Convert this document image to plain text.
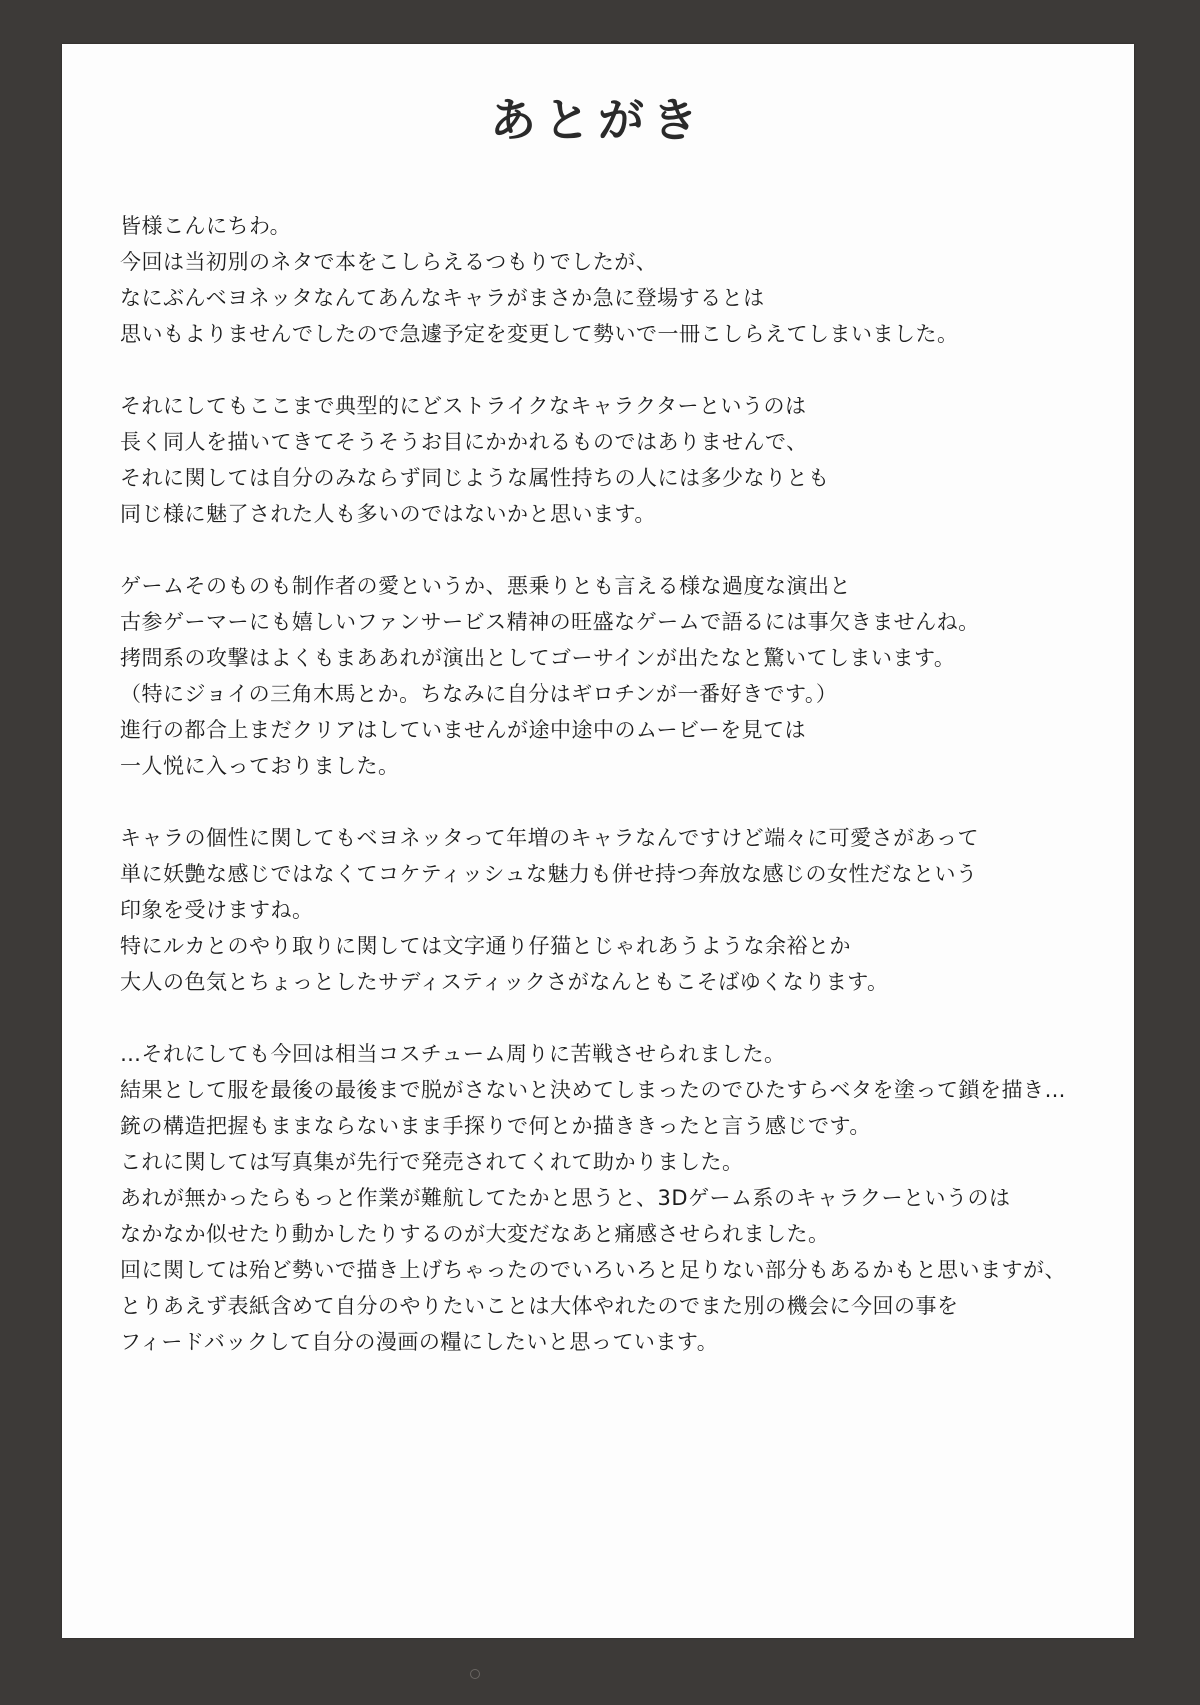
あとがき
皆様こんにちわ。
今回は当初別のネタで本をこしらえるつもりでしたが、
なにぶんベヨネッタなんてあんなキャラがまさか急に登場するとは
思いもよりませんでしたので急遽予定を変更して勢いで一冊こしらえてしまいました。
それにしてもここまで典型的にどストライクなキャラクターというのは
長く同人を描いてきてそうそうお目にかかれるものではありませんで、
それに関しては自分のみならず同じような属性持ちの人には多少なりとも
同じ様に魅了された人も多いのではないかと思います。
ゲームそのものも制作者の愛というか、悪乗りとも言える様な過度な演出と
古参ゲーマーにも嬉しいファンサービス精神の旺盛なゲームで語るには事欠きませんね。
拷問系の攻撃はよくもまああれが演出としてゴーサインが出たなと驚いてしまいます。
（特にジョイの三角木馬とか。ちなみに自分はギロチンが一番好きです。）
進行の都合上まだクリアはしていませんが途中途中のムービーを見ては
一人悦に入っておりました。
キャラの個性に関してもベヨネッタって年増のキャラなんですけど端々に可愛さがあって
単に妖艶な感じではなくてコケティッシュな魅力も併せ持つ奔放な感じの女性だなという
印象を受けますね。
特にルカとのやり取りに関しては文字通り仔猫とじゃれあうような余裕とか
大人の色気とちょっとしたサディスティックさがなんともこそばゆくなります。
…それにしても今回は相当コスチューム周りに苦戦させられました。
結果として服を最後の最後まで脱がさないと決めてしまったのでひたすらベタを塗って鎖を描き…
銃の構造把握もままならないまま手探りで何とか描ききったと言う感じです。
これに関しては写真集が先行で発売されてくれて助かりました。
あれが無かったらもっと作業が難航してたかと思うと、3Dゲーム系のキャラクーというのは
なかなか似せたり動かしたりするのが大変だなあと痛感させられました。
回に関しては殆ど勢いで描き上げちゃったのでいろいろと足りない部分もあるかもと思いますが、
とりあえず表紙含めて自分のやりたいことは大体やれたのでまた別の機会に今回の事を
フィードバックして自分の漫画の糧にしたいと思っています。
